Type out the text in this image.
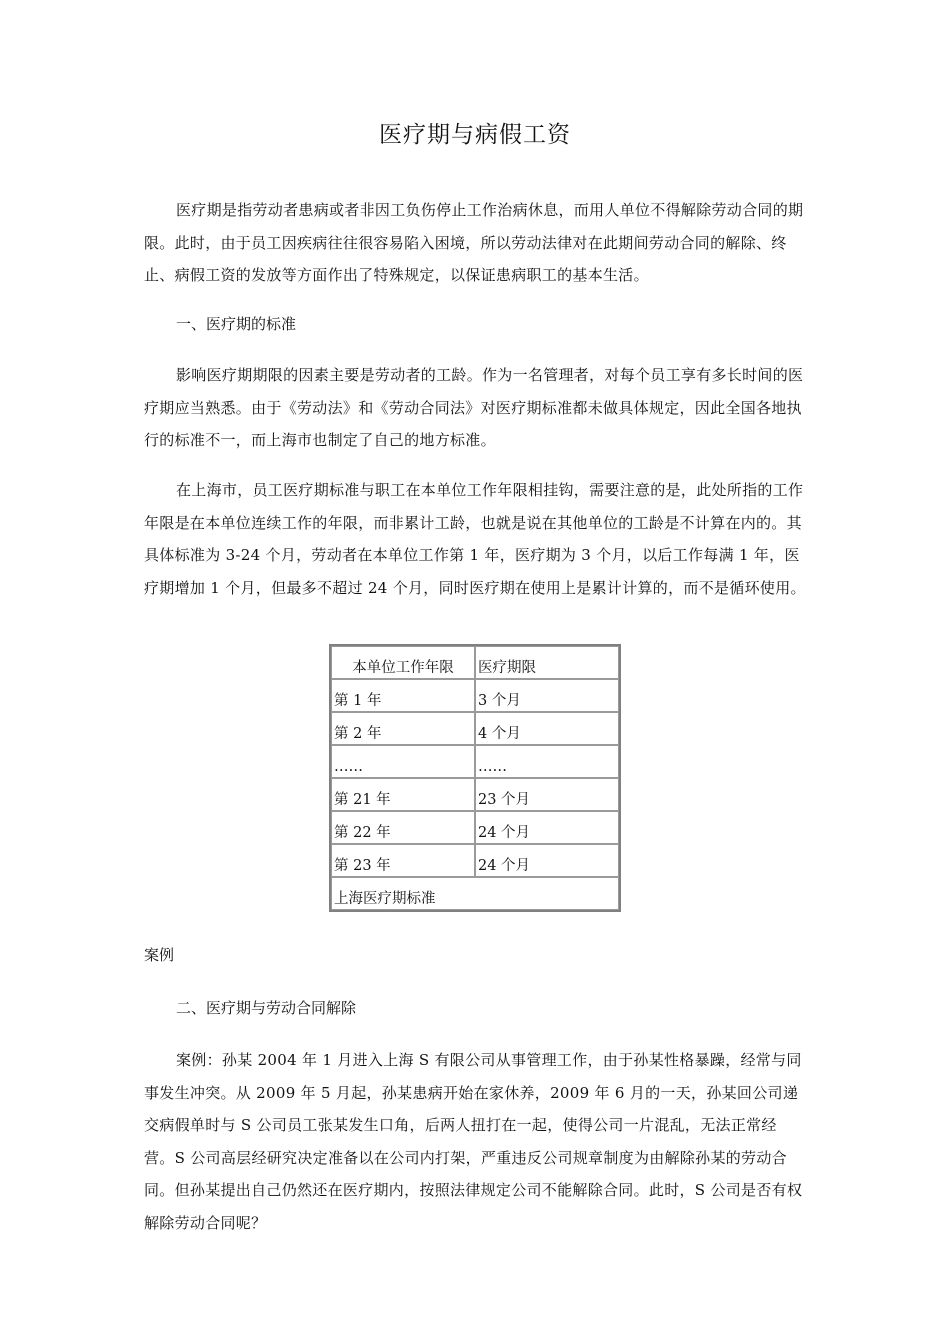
医疗期与病假工资

医疗期是指劳动者患病或者非因工负伤停止工作治病休息，而用人单位不得解除劳动合同的期限。此时，由于员工因疾病往往很容易陷入困境，所以劳动法律对在此期间劳动合同的解除、终止、病假工资的发放等方面作出了特殊规定，以保证患病职工的基本生活。

一、医疗期的标准

影响医疗期期限的因素主要是劳动者的工龄。作为一名管理者，对每个员工享有多长时间的医疗期应当熟悉。由于《劳动法》和《劳动合同法》对医疗期标准都未做具体规定，因此全国各地执行的标准不一，而上海市也制定了自己的地方标准。

在上海市，员工医疗期标准与职工在本单位工作年限相挂钩，需要注意的是，此处所指的工作年限是在本单位连续工作的年限，而非累计工龄，也就是说在其他单位的工龄是不计算在内的。其具体标准为 3-24 个月，劳动者在本单位工作第 1 年，医疗期为 3 个月，以后工作每满 1 年，医疗期增加 1 个月，但最多不超过 24 个月，同时医疗期在使用上是累计计算的，而不是循环使用。

本单位工作年限	医疗期限
第 1 年	3 个月
第 2 年	4 个月
……	……
第 21 年	23 个月
第 22 年	24 个月
第 23 年	24 个月
上海医疗期标准	

案例

二、医疗期与劳动合同解除

案例：孙某 2004 年 1 月进入上海 S 有限公司从事管理工作，由于孙某性格暴躁，经常与同事发生冲突。从 2009 年 5 月起，孙某患病开始在家休养，2009 年 6 月的一天，孙某回公司递交病假单时与 S 公司员工张某发生口角，后两人扭打在一起，使得公司一片混乱，无法正常经营。S 公司高层经研究决定准备以在公司内打架，严重违反公司规章制度为由解除孙某的劳动合同。但孙某提出自己仍然还在医疗期内，按照法律规定公司不能解除合同。此时，S 公司是否有权解除劳动合同呢？
